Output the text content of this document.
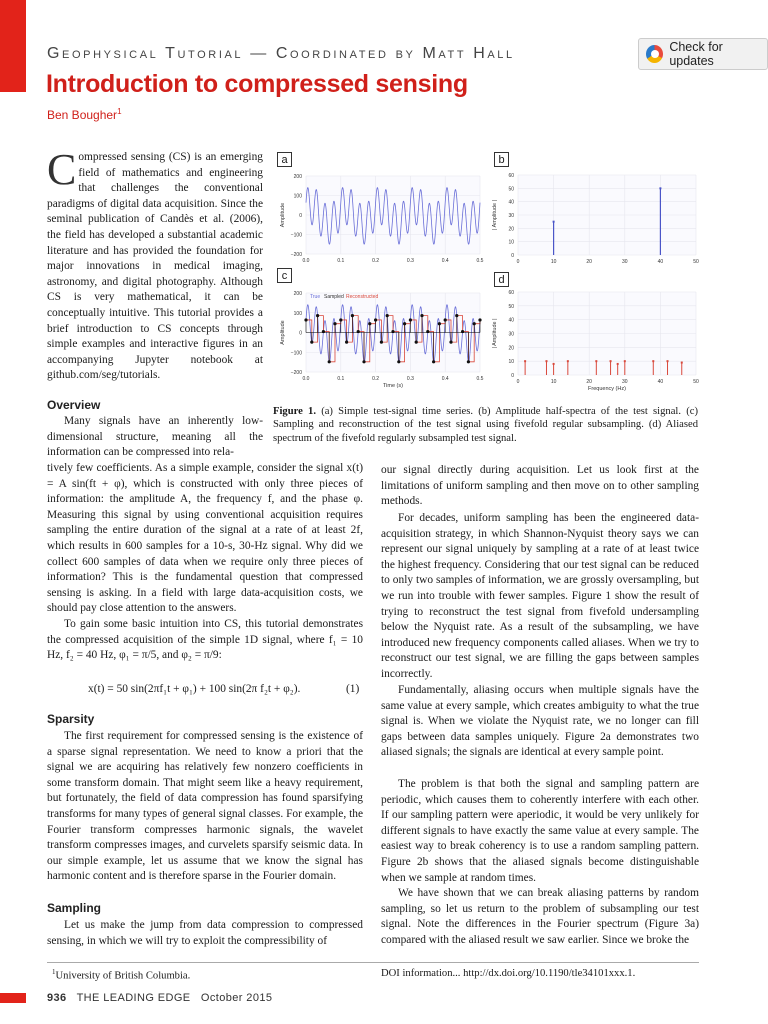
Geophysical Tutorial — Coordinated by Matt Hall
Introduction to compressed sensing
Ben Bougher$^1$
Check for updates
Compressed sensing (CS) is an emerging field of mathematics and engineering that challenges the conventional paradigms of digital data acquisition. Since the seminal publication of Candès et al. (2006), the field has developed a substantial academic literature and has provided the foundation for major innovations in medical imaging, astronomy, and digital photography. Although CS is very mathematical, it can be conceptually intuitive. This tutorial provides a brief introduction to CS concepts through simple examples and interactive figures in an accompanying Jupyter notebook at github.com/seg/tutorials.
Overview
Many signals have an inherently low-dimensional structure, meaning all the information can be compressed into rela-
tively few coefficients. As a simple example, consider the signal x(t) = A sin(ft + φ), which is constructed with only three pieces of information: the amplitude A, the frequency f, and the phase φ. Measuring this signal by using conventional acquisition requires sampling the entire duration of the signal at a rate of at least 2f, which results in 600 samples for a 10-s, 30-Hz signal. Why did we collect 600 samples of data when we require only three pieces of information? This is the fundamental question that compressed sensing is asking. In a field with large data-acquisition costs, we should pay close attention to the answers.
To gain some basic intuition into CS, this tutorial demonstrates the compressed acquisition of the simple 1D signal, where f₁ = 10 Hz, f₂ = 40 Hz, φ₁ = π/5, and φ₂ = π/9:
x(t) = 50 sin(2πf₁t + φ₁) + 100 sin(2π f₂t + φ₂).	(1)
Sparsity
The first requirement for compressed sensing is the existence of a sparse signal representation. We need to know a priori that the signal we are acquiring has relatively few nonzero coefficients in some transform domain. That might seem like a heavy requirement, but fortunately, the field of data compression has found sparsifying transforms for many types of general signal classes. For example, the Fourier transform compresses harmonic signals, the wavelet transform compresses images, and curvelets sparsify seismic data. In our simple example, let us assume that we know the signal has harmonic content and is therefore sparse in the Fourier domain.
Sampling
Let us make the jump from data compression to compressed sensing, in which we will try to exploit the compressibility of
our signal directly during acquisition. Let us look first at the limitations of uniform sampling and then move on to other sampling methods.
For decades, uniform sampling has been the engineered data-acquisition strategy, in which Shannon-Nyquist theory says we can represent our signal uniquely by sampling at a rate of at least twice the highest frequency. Considering that our test signal can be reduced to only two samples of information, we are grossly oversampling, but we run into trouble with fewer samples. Figure 1 show the result of trying to reconstruct the test signal from fivefold undersampling below the Nyquist rate. As a result of the subsampling, we have introduced new frequency components called aliases. When we try to reconstruct our test signal, we are filling the gaps between samples incorrectly.
Fundamentally, aliasing occurs when multiple signals have the same value at every sample, which creates ambiguity to what the true signal is. When we violate the Nyquist rate, we no longer can fill gaps between data samples uniquely. Figure 2a demonstrates two aliased signals; the signals are identical at every sample point.
The problem is that both the signal and sampling pattern are periodic, which causes them to coherently interfere with each other. If our sampling pattern were aperiodic, it would be very unlikely for different signals to have exactly the same value at every sample. The easiest way to break coherency is to use a random sampling pattern. Figure 2b shows that the aliased signals become distinguishable when we sample at random times.
We have shown that we can break aliasing patterns by random sampling, so let us return to the problem of subsampling our test signal. Note the differences in the Fourier spectrum (Figure 3a) compared with the aliased result we saw earlier. Since we broke the
200
100
0
−100
−200
0.0	0.1	0.2	0.3	0.4	0.5
Amplitude
60
50
40
30
20
10
0
0	10	20	30	40	50
| Amplitude |
200
100
0
−100
−200
0.0	0.1	0.2	0.3	0.4	0.5
Amplitude
Time (s)
True Sampled Reconstructed
60
50
40
30
20
10
0
0	10	20	30	40	50
| Amplitude |
Frequency (Hz)
a	b
c	d
Figure 1. (a) Simple test-signal time series. (b) Amplitude half-spectra of the test signal. (c) Sampling and reconstruction of the test signal using fivefold regular subsampling. (d) Aliased spectrum of the fivefold regularly subsampled test signal.
$^1$University of British Columbia.	DOI information... http://dx.doi.org/10.1190/tle34101xxx.1.
936 THE LEADING EDGE October 2015
